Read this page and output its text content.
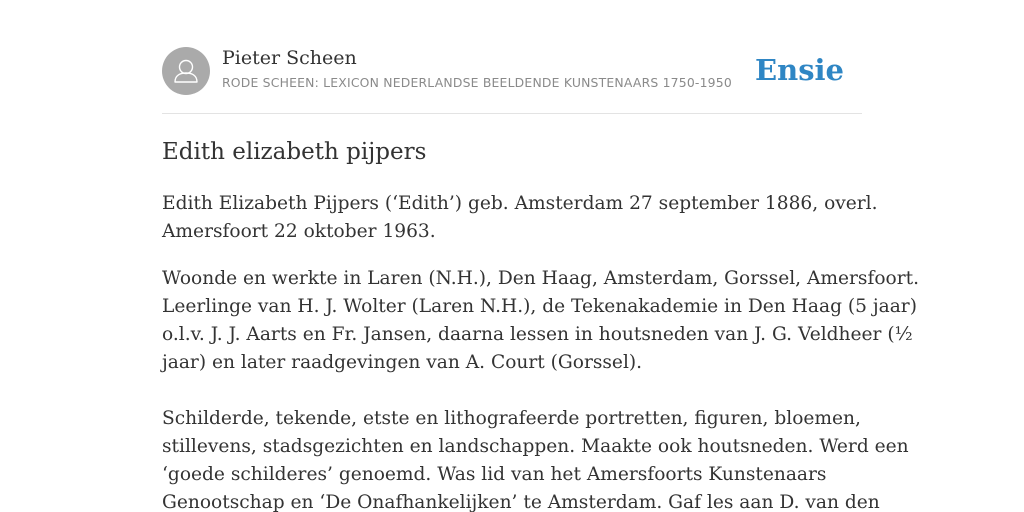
Pieter Scheen
RODE SCHEEN: LEXICON NEDERLANDSE BEELDENDE KUNSTENAARS 1750-1950 Ensie
Edith elizabeth pijpers

Edith Elizabeth Pijpers (‘Edith’) geb. Amsterdam 27 september 1886, overl.
Amersfoort 22 oktober 1963.

Woonde en werkte in Laren (N.H.), Den Haag, Amsterdam, Gorssel, Amersfoort.
Leerlinge van H. J. Wolter (Laren N.H.), de Tekenakademie in Den Haag (5 jaar)
o.l.v. J. J. Aarts en Fr. Jansen, daarna lessen in houtsneden van J. G. Veldheer (½
jaar) en later raadgevingen van A. Court (Gorssel).
Schilderde, tekende, etste en lithografeerde portretten, figuren, bloemen,
stillevens, stadsgezichten en landschappen. Maakte ook houtsneden. Werd een
‘goede schilderes’ genoemd. Was lid van het Amersfoorts Kunstenaars
Genootschap en ‘De Onafhankelijken’ te Amsterdam. Gaf les aan D. van den
